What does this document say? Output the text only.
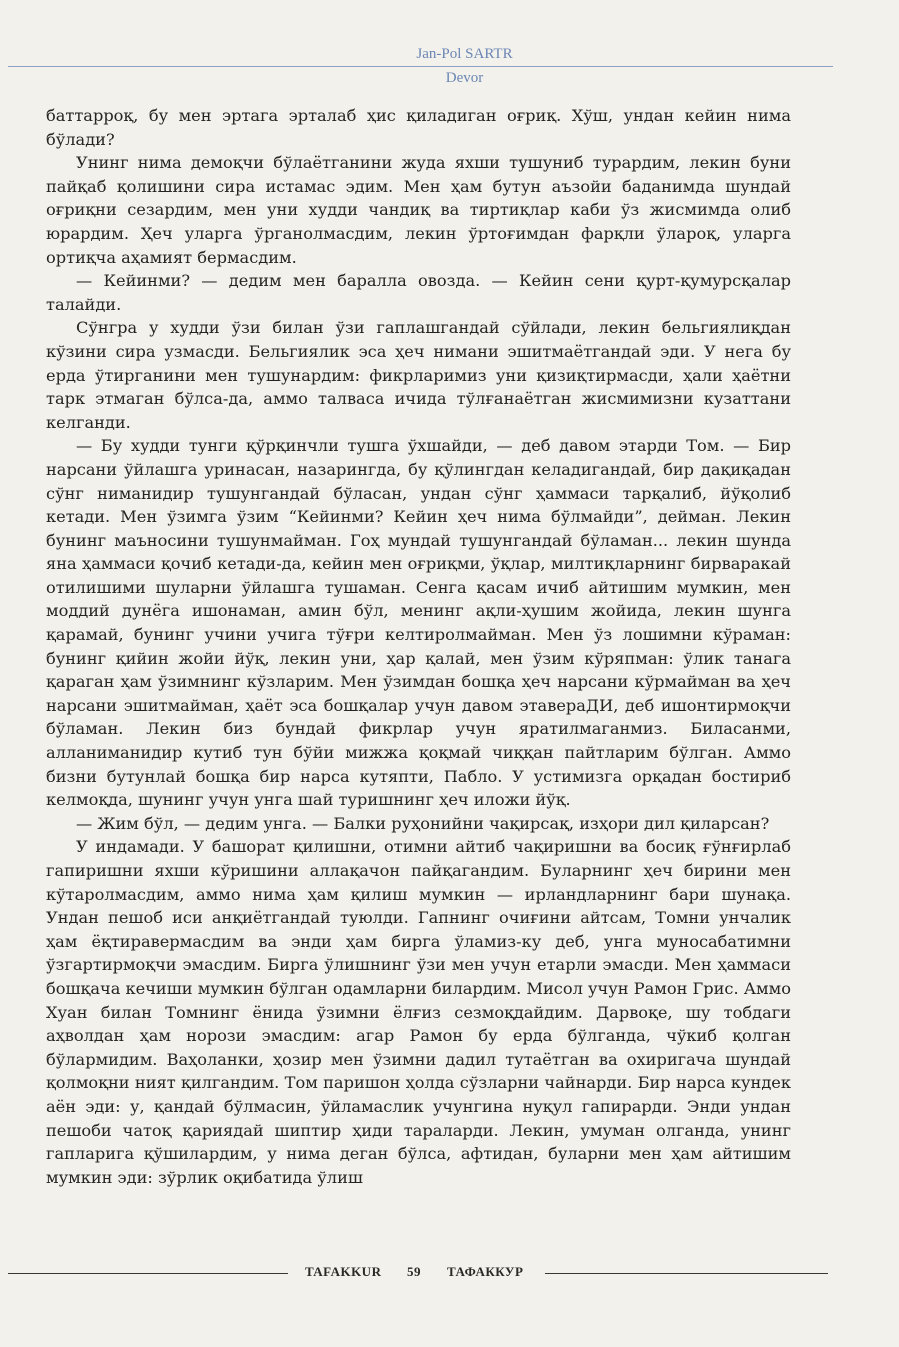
Jan-Pol SARTR
Devor

баттарроқ, бу мен эртага эрталаб ҳис қиладиган оғриқ. Хўш, ундан кейин нима бўлади?

Унинг нима демоқчи бўлаётганини жуда яхши тушуниб турардим, лекин буни пайқаб қолишини сира истамас эдим. Мен ҳам бутун аъзойи баданимда шундай оғриқни сезардим, мен уни худди чандиқ ва тиртиқлар каби ўз жисмимда олиб юрардим. Ҳеч уларга ўрганолмасдим, лекин ўртоғимдан фарқли ўлароқ, уларга ортиқча аҳамият бермасдим.

— Кейинми? — дедим мен баралла овозда. — Кейин сени қурт-қумурсқалар талайди.

Сўнгра у худди ўзи билан ўзи гаплашгандай сўйлади, лекин бельгиялиқдан кўзини сира узмасди. Бельгиялик эса ҳеч нимани эшитмаётгандай эди. У нега бу ерда ўтирганини мен тушунардим: фикрларимиз уни қизиқтирмасди, ҳали ҳаётни тарк этмаган бўлса-да, аммо талваса ичида тўлғанаётган жисмимизни кузаттани келганди.

— Бу худди тунги қўрқинчли тушга ўхшайди, — деб давом этарди Том. — Бир нарсани ўйлашга уринасан, назарингда, бу қўлингдан келадигандай, бир дақиқадан сўнг ниманидир тушунгандай бўласан, ундан сўнг ҳаммаси тарқалиб, йўқолиб кетади. Мен ўзимга ўзим “Кейинми? Кейин ҳеч нима бўлмайди”, дейман. Лекин бунинг маъносини тушунмайман. Гоҳ мундай тушунгандай бўламан... лекин шунда яна ҳаммаси қочиб кетади-да, кейин мен оғриқми, ўқлар, милтиқларнинг бирваракай отилишими шуларни ўйлашга тушаман. Сенга қасам ичиб айтишим мумкин, мен моддий дунёга ишонаман, амин бўл, менинг ақли-ҳушим жойида, лекин шунга қарамай, бунинг учини учига тўғри келтиролмайман. Мен ўз лошимни кўраман: бунинг қийин жойи йўқ, лекин уни, ҳар қалай, мен ўзим кўряпман: ўлик танага қараган ҳам ўзимнинг кўзларим. Мен ўзимдан бошқа ҳеч нарсани кўрмайман ва ҳеч нарсани эшитмайман, ҳаёт эса бошқалар учун давом этавераДИ, деб ишонтирмоқчи бўламан. Лекин биз бундай фикрлар учун яратилмаганмиз. Биласанми, алланиманидир кутиб тун бўйи мижжа қоқмай чиққан пайтларим бўлган. Аммо бизни бутунлай бошқа бир нарса кутяпти, Пабло. У устимизга орқадан бостириб келмоқда, шунинг учун унга шай туришнинг ҳеч иложи йўқ.

— Жим бўл, — дедим унга. — Балки руҳонийни чақирсақ, изҳори дил қиларсан?

У индамади. У башорат қилишни, отимни айтиб чақиришни ва босиқ ғўнғирлаб гапиришни яхши кўришини аллақачон пайқагандим. Буларнинг ҳеч бирини мен кўтаролмасдим, аммо нима ҳам қилиш мумкин — ирландларнинг бари шунақа. Ундан пешоб иси анқиётгандай туюлди. Гапнинг очиғини айтсам, Томни унчалик ҳам ёқтиравермасдим ва энди ҳам бирга ўламиз-ку деб, унга муносабатимни ўзгартирмоқчи эмасдим. Бирга ўлишнинг ўзи мен учун етарли эмасди. Мен ҳаммаси бошқача кечиши мумкин бўлган одамларни билардим. Мисол учун Рамон Грис. Аммо Хуан билан Томнинг ёнида ўзимни ёлғиз сезмоқдайдим. Дарвоқе, шу тобдаги аҳволдан ҳам норози эмасдим: агар Рамон бу ерда бўлганда, чўкиб қолган бўлармидим. Ваҳоланки, ҳозир мен ўзимни дадил тутаётган ва охиригача шундай қолмоқни ният қилгандим. Том паришон ҳолда сўзларни чайнарди. Бир нарса кундек аён эди: у, қандай бўлмасин, ўйламаслик учунгина нуқул гапирарди. Энди ундан пешоби чатоқ қариядай шиптир ҳиди тараларди. Лекин, умуман олганда, унинг гапларига қўшилардим, у нима деган бўлса, афтидан, буларни мен ҳам айтишим мумкин эди: зўрлик оқибатида ўлиш

TAFAKKUR 59 ТАФАККУР
